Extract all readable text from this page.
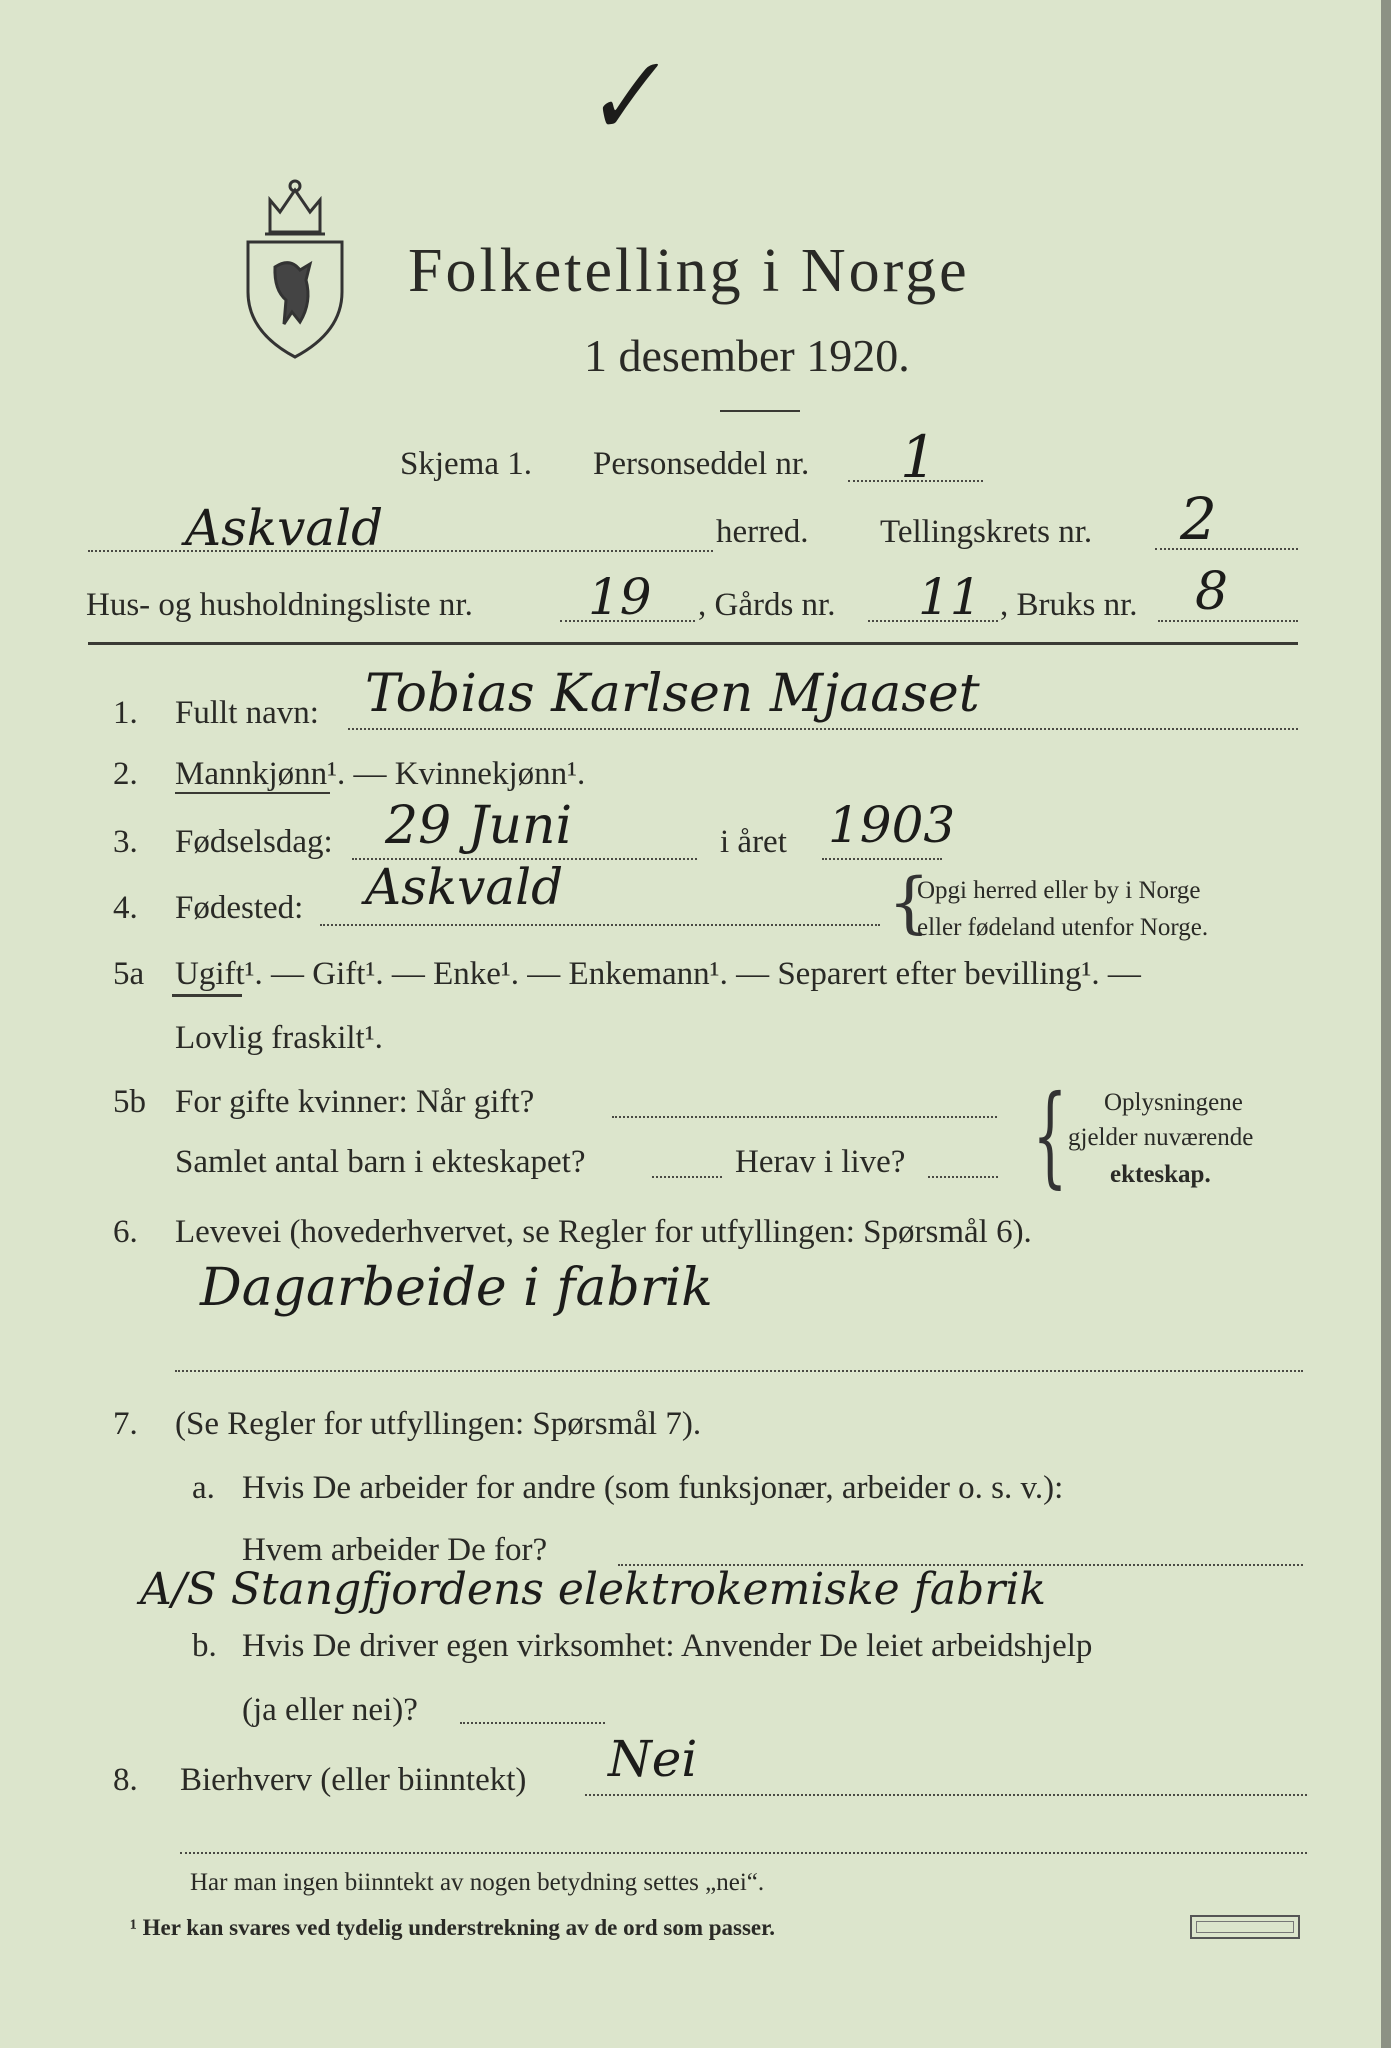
✓
Folketelling i Norge
1 desember 1920.
Skjema 1. Personseddel nr. 1
Askvald	herred. Tellingskrets nr. 2
Hus- og husholdningsliste nr. 19 , Gårds nr. 11 , Bruks nr. 8
1. Fullt navn: Tobias Karlsen Mjaaset
2. Mannkjønn¹. — Kvinnekjønn¹.
3. Fødselsdag: 29 Juni	i året 1903
4. Fødested: Askvald	{
Opgi herred eller by i Norge
eller fødeland utenfor Norge.
5a Ugift¹. — Gift¹. — Enke¹. — Enkemann¹. — Separert efter bevilling¹. —
Lovlig fraskilt¹.
5b For gifte kvinner: Når gift?
Samlet antal barn i ekteskapet?	Herav i live? { Oplysningene
gjelder nuværende
ekteskap.
6. Levevei (hovederhvervet, se Regler for utfyllingen: Spørsmål 6).
Dagarbeide i fabrik
7. (Se Regler for utfyllingen: Spørsmål 7).
a. Hvis De arbeider for andre (som funksjonær, arbeider o. s. v.):
Hvem arbeider De for?
A/S Stangfjordens elektrokemiske fabrik
b. Hvis De driver egen virksomhet: Anvender De leiet arbeidshjelp
(ja eller nei)?
8. Bierhverv (eller biinntekt) Nei
Har man ingen biinntekt av nogen betydning settes „nei“.
¹ Her kan svares ved tydelig understrekning av de ord som passer.
